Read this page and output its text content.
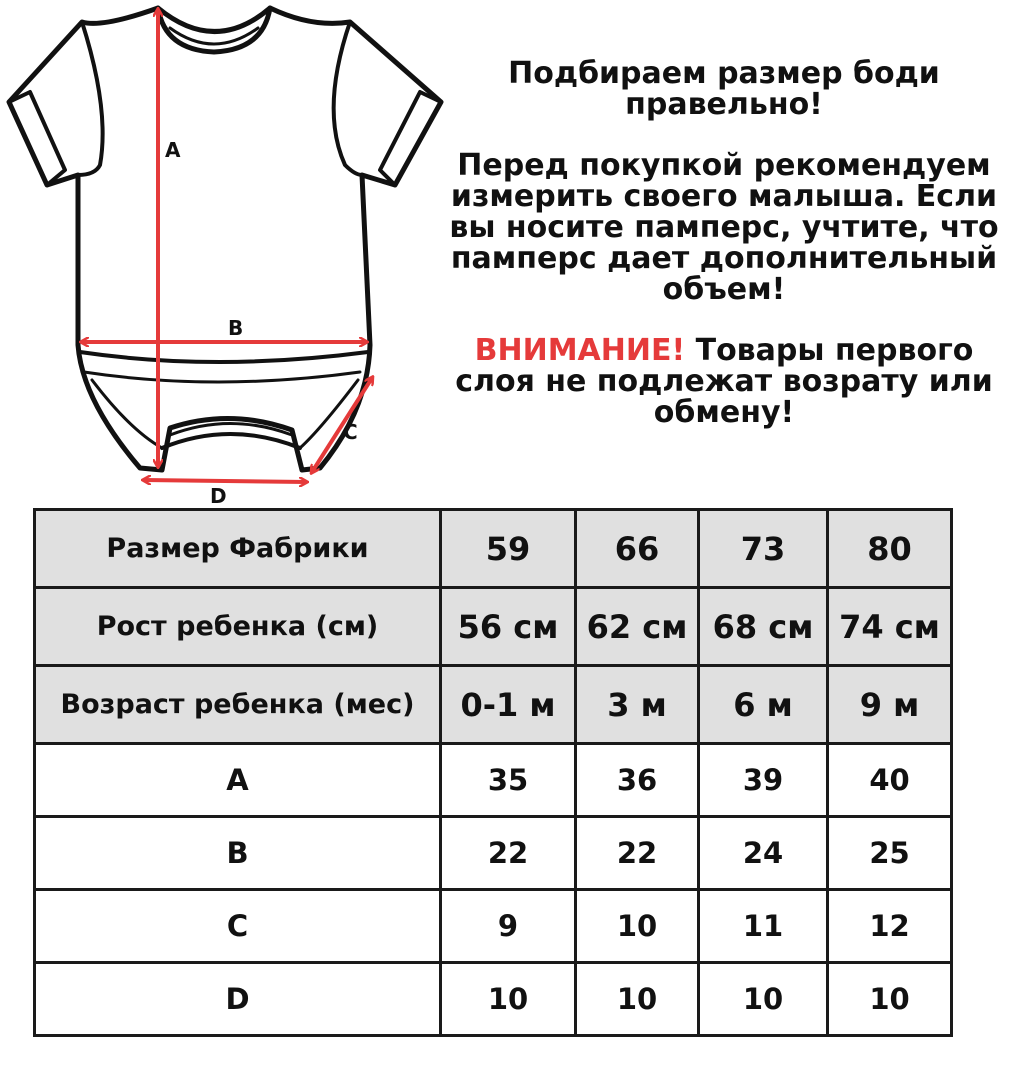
A
B
C
D

Подбираем размер боди правельно!

Перед покупкой рекомендуем измерить своего малыша. Если вы носите памперс, учтите, что памперс дает дополнительный объем!

ВНИМАНИЕ! Товары первого слоя не подлежат возрату или обмену!

Размер Фабрики	59	66	73	80
Рост ребенка (см)	56 см	62 см	68 см	74 см
Возраст ребенка (мес)	0-1 м	3 м	6 м	9 м
A	35	36	39	40
B	22	22	24	25
C	9	10	11	12
D	10	10	10	10
